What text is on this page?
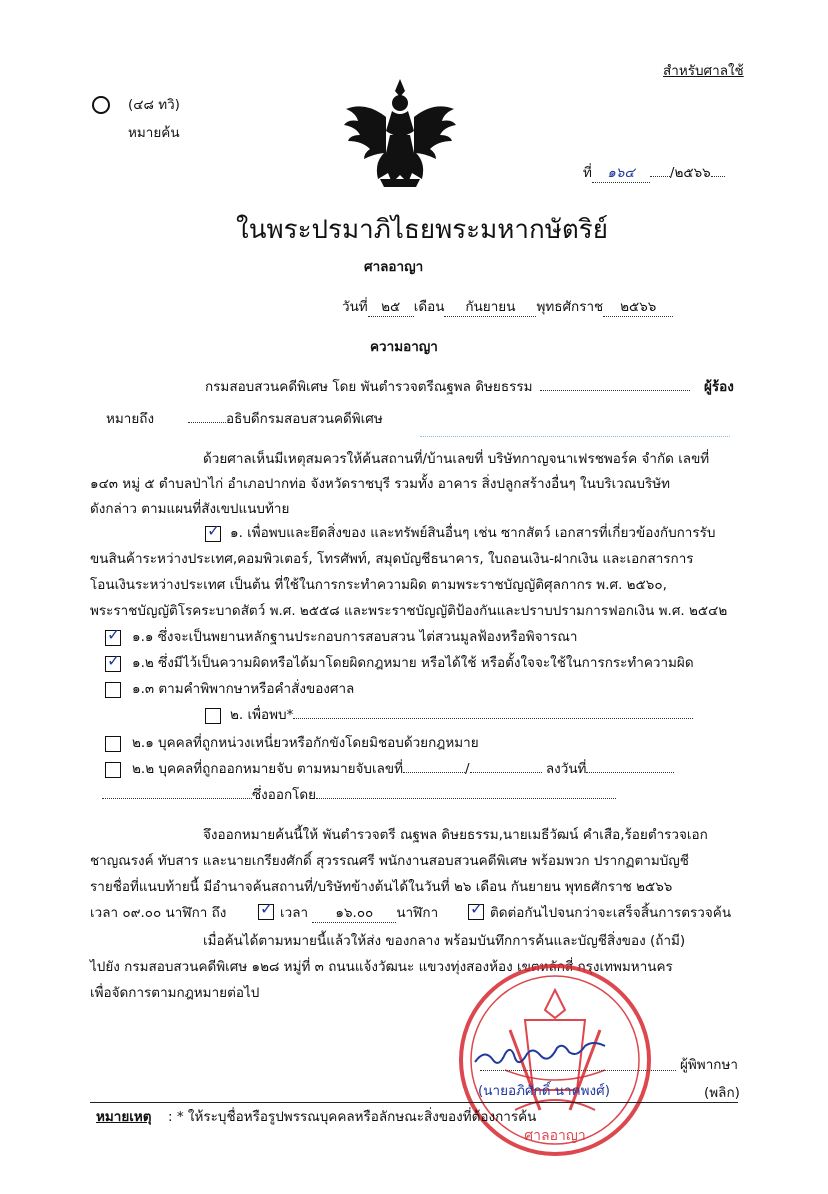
สำหรับศาลใช้
(๔๘ ทวิ)
หมายค้น
ที่ ๑๖๔	/๒๕๖๖
ในพระปรมาภิไธยพระมหากษัตริย์
ศาลอาญา
วันที่ ๒๕ เดือน กันยายน พุทธศักราช ๒๕๖๖
ความอาญา
กรมสอบสวนคดีพิเศษ โดย พันตำรวจตรีณฐพล ดิษยธรรม	ผู้ร้อง
หมายถึง	อธิบดีกรมสอบสวนคดีพิเศษ
ด้วยศาลเห็นมีเหตุสมควรให้ค้นสถานที่/บ้านเลขที่ บริษัทกาญจนาเฟรชพอร์ค จำกัด เลขที่
๑๔๓ หมู่ ๕ ตำบลป่าไก่ อำเภอปากท่อ จังหวัดราชบุรี รวมทั้ง อาคาร สิ่งปลูกสร้างอื่นๆ ในบริเวณบริษัท
ดังกล่าว ตามแผนที่สังเขปแนบท้าย
✓ ๑. เพื่อพบและยึดสิ่งของ และทรัพย์สินอื่นๆ เช่น ซากสัตว์ เอกสารที่เกี่ยวข้องกับการรับ
ขนสินค้าระหว่างประเทศ,คอมพิวเตอร์, โทรศัพท์, สมุดบัญชีธนาคาร, ใบถอนเงิน-ฝากเงิน และเอกสารการ
โอนเงินระหว่างประเทศ เป็นต้น ที่ใช้ในการกระทำความผิด ตามพระราชบัญญัติศุลกากร พ.ศ. ๒๕๖๐,
พระราชบัญญัติโรคระบาดสัตว์ พ.ศ. ๒๕๕๘ และพระราชบัญญัติป้องกันและปราบปรามการฟอกเงิน พ.ศ. ๒๕๔๒
✓ ๑.๑ ซึ่งจะเป็นพยานหลักฐานประกอบการสอบสวน ไต่สวนมูลฟ้องหรือพิจารณา
✓ ๑.๒ ซึ่งมีไว้เป็นความผิดหรือได้มาโดยผิดกฎหมาย หรือได้ใช้ หรือตั้งใจจะใช้ในการกระทำความผิด
๑.๓ ตามคำพิพากษาหรือคำสั่งของศาล
๒. เพื่อพบ*
๒.๑ บุคคลที่ถูกหน่วงเหนี่ยวหรือกักขังโดยมิชอบด้วยกฎหมาย
๒.๒ บุคคลที่ถูกออกหมายจับ ตามหมายจับเลขที่	/	ลงวันที่
ซึ่งออกโดย
จึงออกหมายค้นนี้ให้ พันตำรวจตรี ณฐพล ดิษยธรรม,นายเมธีวัฒน์ คำเสือ,ร้อยตำรวจเอก
ชาญณรงค์ ทับสาร และนายเกรียงศักดิ์ สุวรรณศรี พนักงานสอบสวนคดีพิเศษ พร้อมพวก ปรากฏตามบัญชี
รายชื่อที่แนบท้ายนี้ มีอำนาจค้นสถานที่/บริษัทข้างต้นได้ในวันที่ ๒๖ เดือน กันยายน พุทธศักราช ๒๕๖๖
เวลา ๐๙.๐๐ นาฬิกา ถึง ✓ เวลา ๑๖.๐๐ นาฬิกา ✓ ติดต่อกันไปจนกว่าจะเสร็จสิ้นการตรวจค้น
เมื่อค้นได้ตามหมายนี้แล้วให้ส่ง ของกลาง พร้อมบันทึกการค้นและบัญชีสิ่งของ (ถ้ามี)
ไปยัง กรมสอบสวนคดีพิเศษ ๑๒๘ หมู่ที่ ๓ ถนนแจ้งวัฒนะ แขวงทุ่งสองห้อง เขตหลักสี่ กรุงเทพมหานคร
เพื่อจัดการตามกฎหมายต่อไป
ศาลอาญา
ผู้พิพากษา
(นายอภิศักดิ์ นาคพงศ์)	(พลิก)
หมายเหตุ : * ให้ระบุชื่อหรือรูปพรรณบุคคลหรือลักษณะสิ่งของที่ต้องการค้น
